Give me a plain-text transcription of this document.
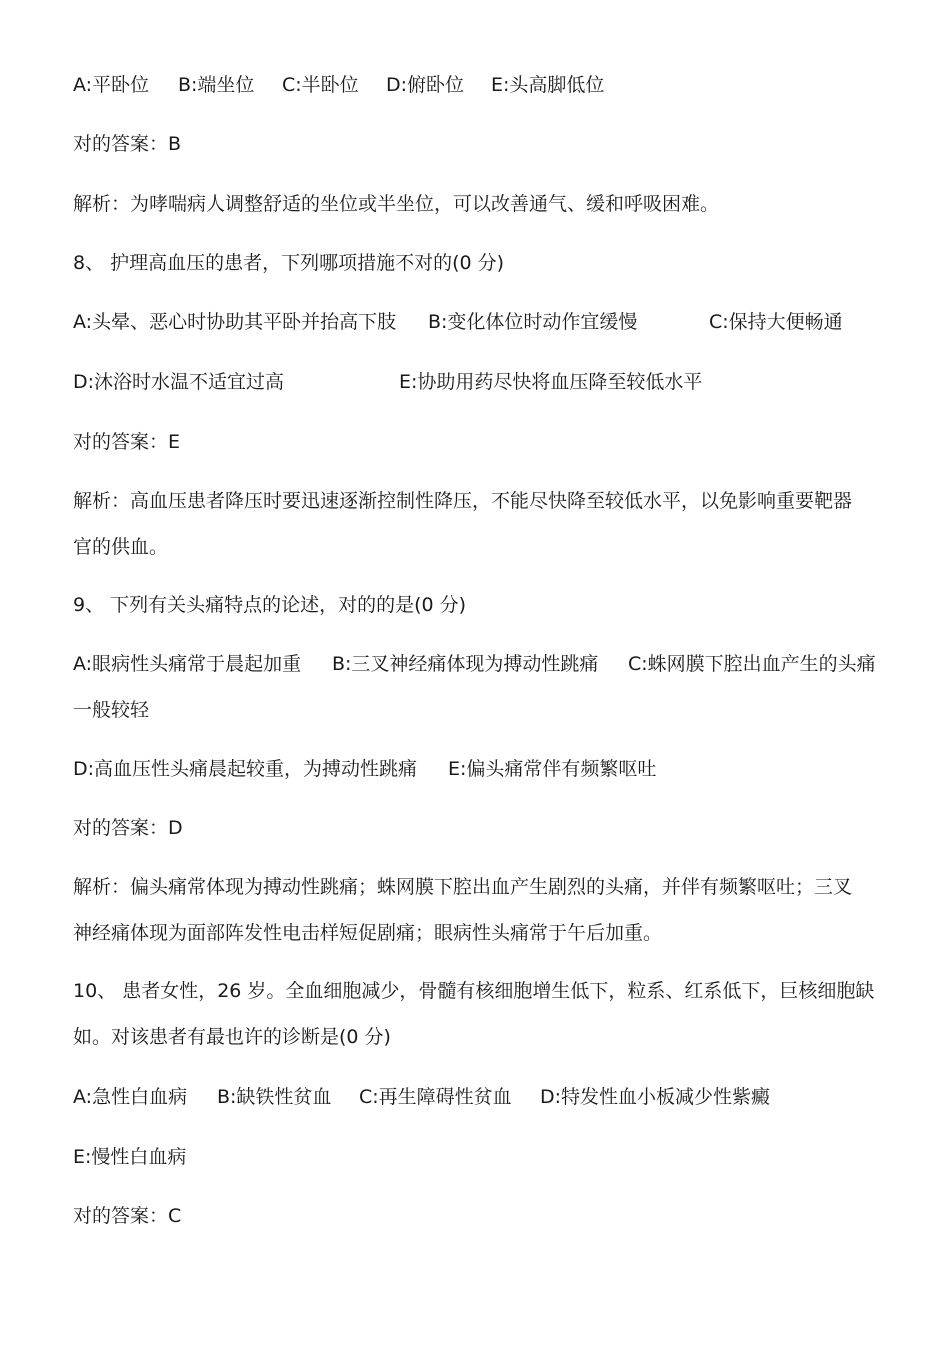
A:平卧位 B:端坐位 C:半卧位 D:俯卧位 E:头高脚低位
对的答案：B
解析：为哮喘病人调整舒适的坐位或半坐位，可以改善通气、缓和呼吸困难。
8、 护理高血压的患者，下列哪项措施不对的(0 分)
A:头晕、恶心时协助其平卧并抬高下肢 B:变化体位时动作宜缓慢	C:保持大便畅通
D:沐浴时水温不适宜过高	E:协助用药尽快将血压降至较低水平
对的答案：E
解析：高血压患者降压时要迅速逐渐控制性降压，不能尽快降至较低水平，以免影响重要靶器
官的供血。
9、 下列有关头痛特点的论述，对的的是(0 分)
A:眼病性头痛常于晨起加重 B:三叉神经痛体现为搏动性跳痛 C:蛛网膜下腔出血产生的头痛
一般较轻
D:高血压性头痛晨起较重，为搏动性跳痛 E:偏头痛常伴有频繁呕吐
对的答案：D
解析：偏头痛常体现为搏动性跳痛；蛛网膜下腔出血产生剧烈的头痛，并伴有频繁呕吐；三叉
神经痛体现为面部阵发性电击样短促剧痛；眼病性头痛常于午后加重。
10、 患者女性，26 岁。全血细胞减少，骨髓有核细胞增生低下，粒系、红系低下，巨核细胞缺
如。对该患者有最也许的诊断是(0 分)
A:急性白血病 B:缺铁性贫血 C:再生障碍性贫血 D:特发性血小板减少性紫癜
E:慢性白血病
对的答案：C
